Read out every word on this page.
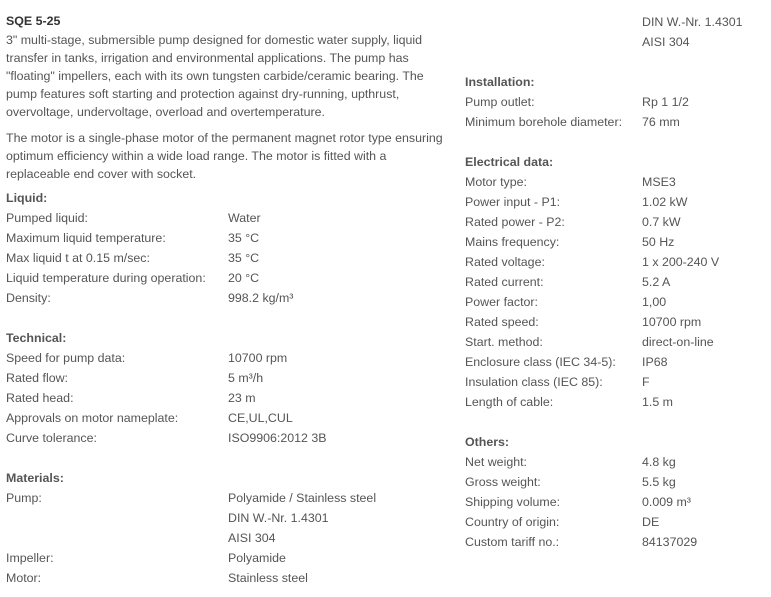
SQE 5-25
3" multi-stage, submersible pump designed for domestic water supply, liquid transfer in tanks, irrigation and environmental applications. The pump has "floating" impellers, each with its own tungsten carbide/ceramic bearing. The pump features soft starting and protection against dry-running, upthrust, overvoltage, undervoltage, overload and overtemperature.
The motor is a single-phase motor of the permanent magnet rotor type ensuring optimum efficiency within a wide load range. The motor is fitted with a replaceable end cover with socket.
Liquid:
Pumped liquid:	Water
Maximum liquid temperature:	35 °C
Max liquid t at 0.15 m/sec:	35 °C
Liquid temperature during operation:	20 °C
Density:	998.2 kg/m³
Technical:
Speed for pump data:	10700 rpm
Rated flow:	5 m³/h
Rated head:	23 m
Approvals on motor nameplate:	CE,UL,CUL
Curve tolerance:	ISO9906:2012 3B
Materials:
Pump:	Polyamide / Stainless steel
DIN W.-Nr. 1.4301
AISI 304
Impeller:	Polyamide
Motor:	Stainless steel
DIN W.-Nr. 1.4301
AISI 304
Installation:
Pump outlet:	Rp 1 1/2
Minimum borehole diameter:	76 mm
Electrical data:
Motor type:	MSE3
Power input - P1:	1.02 kW
Rated power - P2:	0.7 kW
Mains frequency:	50 Hz
Rated voltage:	1 x 200-240 V
Rated current:	5.2 A
Power factor:	1,00
Rated speed:	10700 rpm
Start. method:	direct-on-line
Enclosure class (IEC 34-5):	IP68
Insulation class (IEC 85):	F
Length of cable:	1.5 m
Others:
Net weight:	4.8 kg
Gross weight:	5.5 kg
Shipping volume:	0.009 m³
Country of origin:	DE
Custom tariff no.:	84137029
